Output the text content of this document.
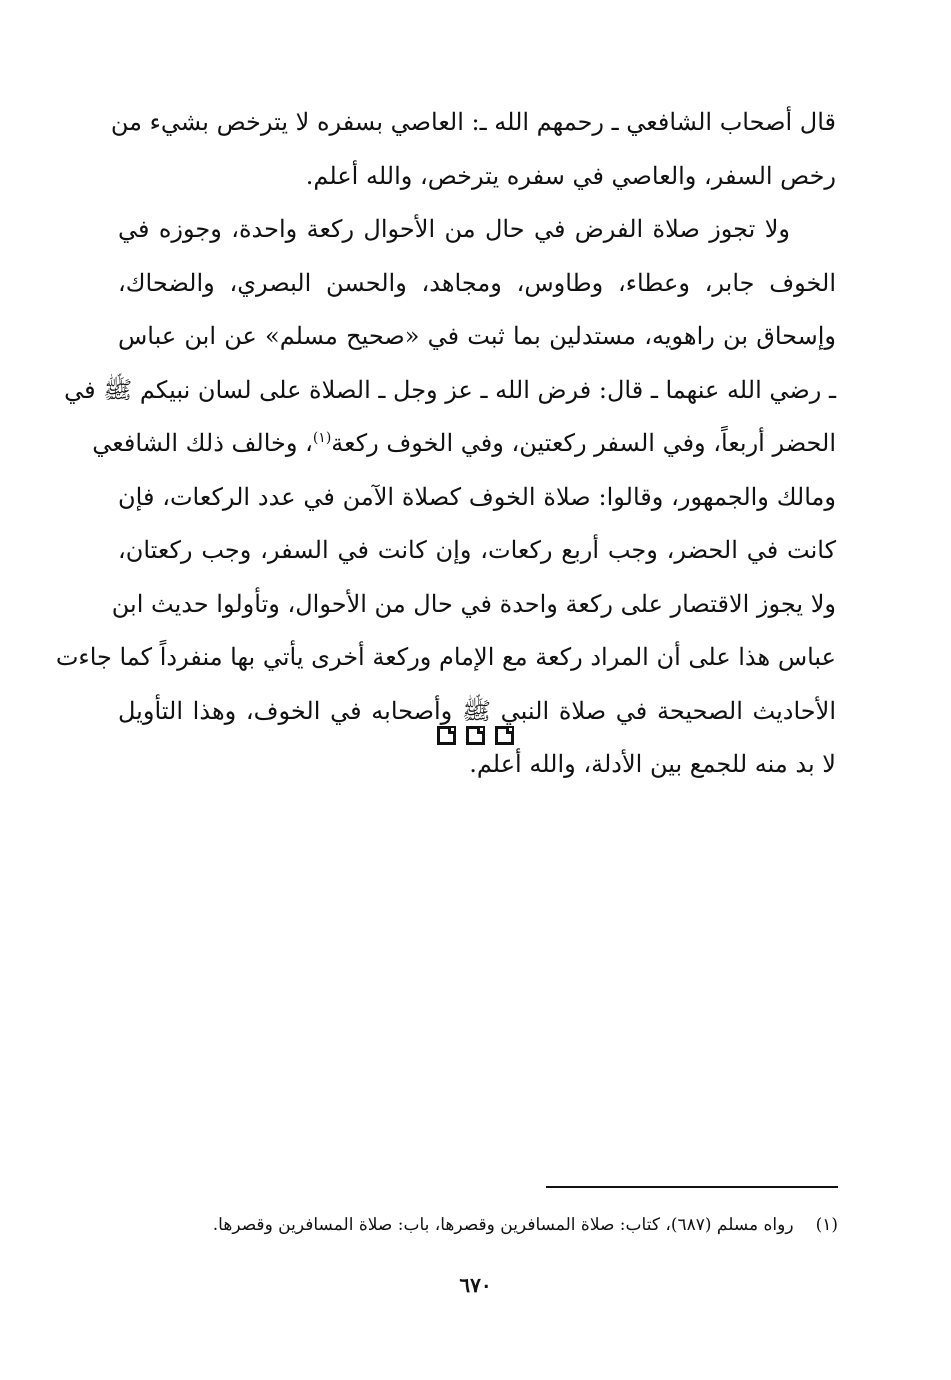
قال أصحاب الشافعي ـ رحمهم الله ـ: العاصي بسفره لا يترخص بشيء من
رخص السفر، والعاصي في سفره يترخص، والله أعلم.
ولا تجوز صلاة الفرض في حال من الأحوال ركعة واحدة، وجوزه في
الخوف جابر، وعطاء، وطاوس، ومجاهد، والحسن البصري، والضحاك،
وإسحاق بن راهويه، مستدلين بما ثبت في «صحيح مسلم» عن ابن عباس
ـ رضي الله عنهما ـ قال: فرض الله ـ عز وجل ـ الصلاة على لسان نبيكم ﷺ في
الحضر أربعاً، وفي السفر ركعتين، وفي الخوف ركعة$^{(١)}$، وخالف ذلك الشافعي
ومالك والجمهور، وقالوا: صلاة الخوف كصلاة الآمن في عدد الركعات، فإن
كانت في الحضر، وجب أربع ركعات، وإن كانت في السفر، وجب ركعتان،
ولا يجوز الاقتصار على ركعة واحدة في حال من الأحوال، وتأولوا حديث ابن
عباس هذا على أن المراد ركعة مع الإمام وركعة أخرى يأتي بها منفرداً كما جاءت
الأحاديث الصحيحة في صلاة النبي ﷺ وأصحابه في الخوف، وهذا التأويل
لا بد منه للجمع بين الأدلة، والله أعلم.
(١)رواه مسلم (٦٨٧)، كتاب: صلاة المسافرين وقصرها، باب: صلاة المسافرين وقصرها.
٦٧٠
